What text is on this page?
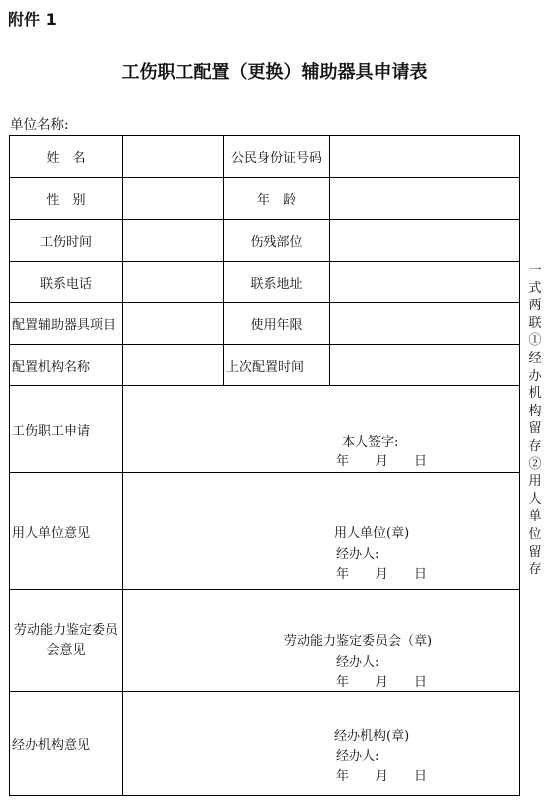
附件 1
工伤职工配置（更换）辅助器具申请表
单位名称:
姓　名		公民身份证号码	
性　别		年　龄	
工伤时间		伤残部位	
联系电话		联系地址	
配置辅助器具项目		使用年限	
配置机构名称		上次配置时间	
工伤职工申请	本人签字:
年　　月　　日		

用人单位意见	用人单位(章)
经办人:
年　　月　　日		

劳动能力鉴定委员会意见	劳动能力鉴定委员会（章)
经办人:
年　　月　　日		

经办机构意见	经办机构(章)
经办人:
年　　月　　日		
一式两联①经办机构留存②用人单位留存
